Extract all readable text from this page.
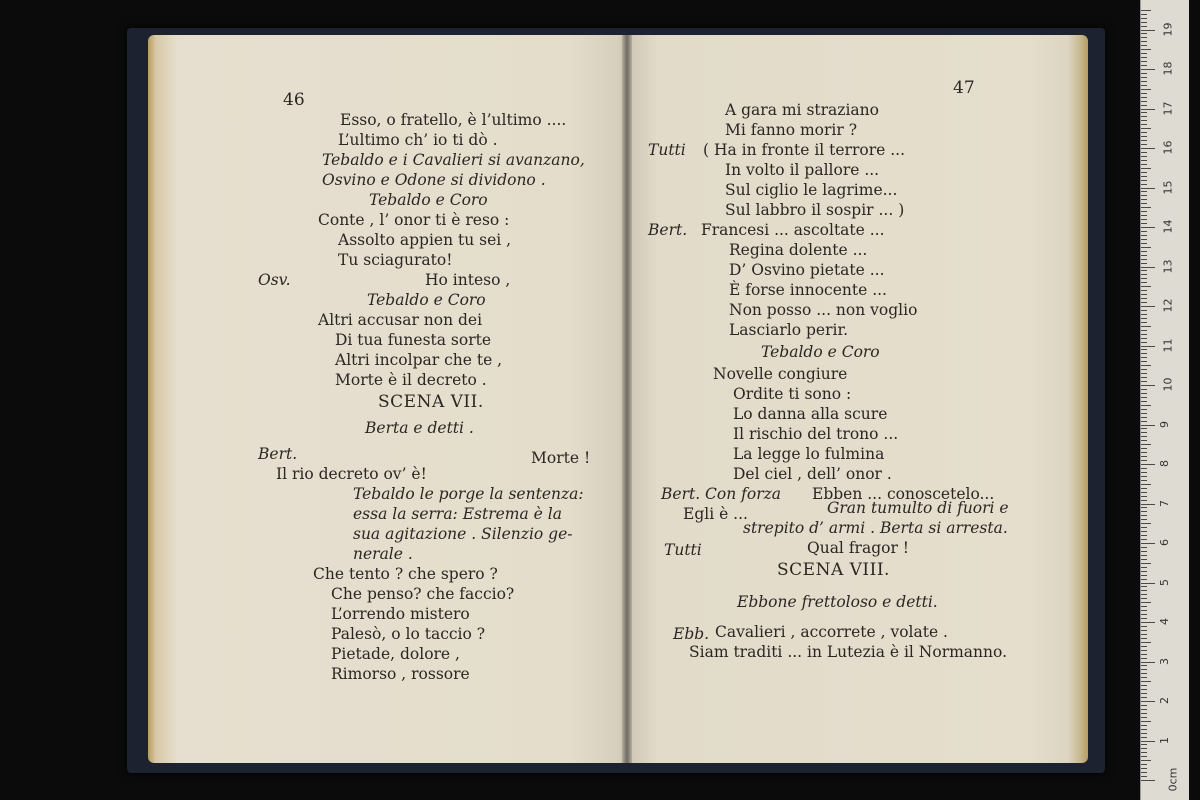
46
Esso, o fratello, è l’ultimo ....
L’ultimo ch’ io ti dò .
Tebaldo e i Cavalieri si avanzano,
Osvino e Odone si dividono .
Tebaldo e Coro
Conte , l’ onor ti è reso :
Assolto appien tu sei ,
Tu sciagurato!
Osv.	Ho inteso ,
Tebaldo e Coro
Altri accusar non dei
Di tua funesta sorte
Altri incolpar che te ,
Morte è il decreto .
SCENA VII.
Berta e detti .
Bert.	Morte !
Il rio decreto ov’ è!
Tebaldo le porge la sentenza:
essa la serra: Estrema è la
sua agitazione . Silenzio ge-
nerale .
Che tento ? che spero ?
Che penso? che faccio?
L’orrendo mistero
Palesò, o lo taccio ?
Pietade, dolore ,
Rimorso , rossore
47
A gara mi straziano
Mi fanno morir ?
Tutti ( Ha in fronte il terrore ...
In volto il pallore ...
Sul ciglio le lagrime...
Sul labbro il sospir ... )
Bert. Francesi ... ascoltate ...
Regina dolente ...
D’ Osvino pietate ...
È forse innocente ...
Non posso ... non voglio
Lasciarlo perir.
Tebaldo e Coro
Novelle congiure
Ordite ti sono :
Lo danna alla scure
Il rischio del trono ...
La legge lo fulmina
Del ciel , dell’ onor .
Bert. Con forza Ebben ... conoscetelo...
Egli è ...	Gran tumulto di fuori e
strepito d’ armi . Berta si arresta.
Tutti	Qual fragor !
SCENA VIII.
Ebbone frettoloso e detti.
Ebb. Cavalieri , accorrete , volate .
Siam traditi ... in Lutezia è il Normanno.
0cm
1
2
3
4
5
6
7
8
9
10
11
12
13
14
15
16
17
18
19
